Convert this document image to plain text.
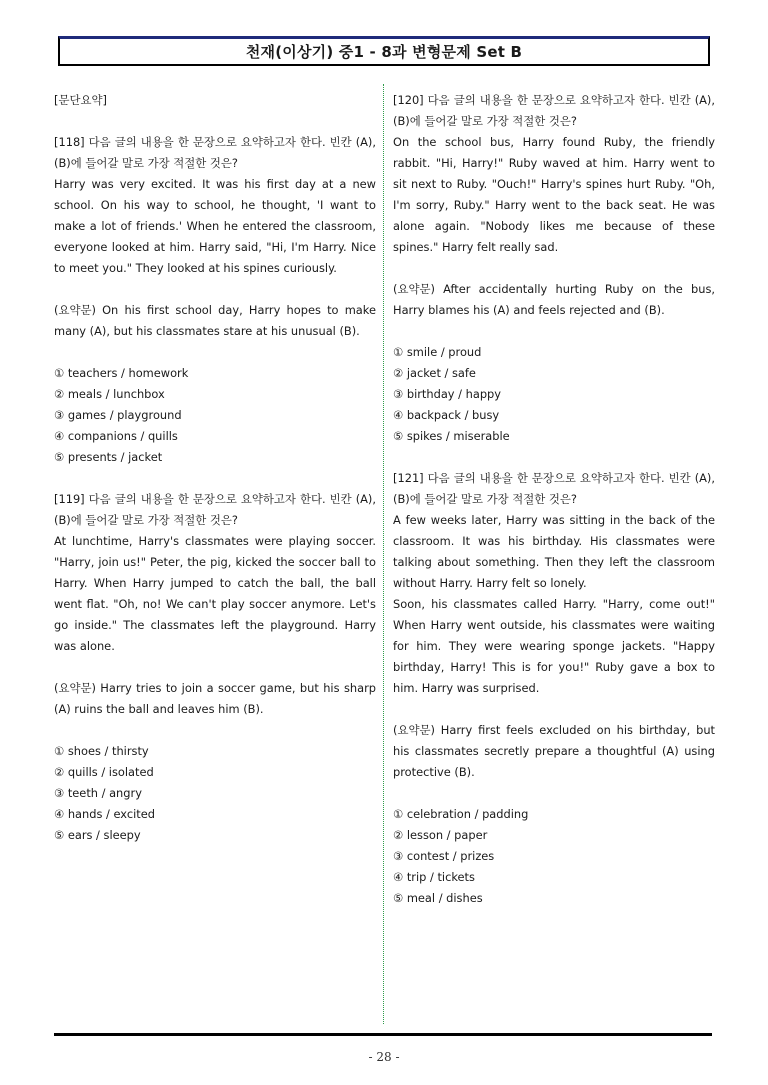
천재(이상기) 중1 - 8과 변형문제 Set B

[문단요약]

[118] 다음 글의 내용을 한 문장으로 요약하고자 한다. 빈칸 (A), (B)에 들어갈 말로 가장 적절한 것은?

Harry was very excited. It was his first day at a new school. On his way to school, he thought, 'I want to make a lot of friends.' When he entered the classroom, everyone looked at him. Harry said, "Hi, I'm Harry. Nice to meet you." They looked at his spines curiously.

(요약문) On his first school day, Harry hopes to make many (A), but his classmates stare at his unusual (B).

① teachers / homework

② meals / lunchbox

③ games / playground

④ companions / quills

⑤ presents / jacket

[119] 다음 글의 내용을 한 문장으로 요약하고자 한다. 빈칸 (A), (B)에 들어갈 말로 가장 적절한 것은?

At lunchtime, Harry's classmates were playing soccer. "Harry, join us!" Peter, the pig, kicked the soccer ball to Harry. When Harry jumped to catch the ball, the ball went flat. "Oh, no! We can't play soccer anymore. Let's go inside." The classmates left the playground. Harry was alone.

(요약문) Harry tries to join a soccer game, but his sharp (A) ruins the ball and leaves him (B).

① shoes / thirsty

② quills / isolated

③ teeth / angry

④ hands / excited

⑤ ears / sleepy

[120] 다음 글의 내용을 한 문장으로 요약하고자 한다. 빈칸 (A), (B)에 들어갈 말로 가장 적절한 것은?

On the school bus, Harry found Ruby, the friendly rabbit. "Hi, Harry!" Ruby waved at him. Harry went to sit next to Ruby. "Ouch!" Harry's spines hurt Ruby. "Oh, I'm sorry, Ruby." Harry went to the back seat. He was alone again. "Nobody likes me because of these spines." Harry felt really sad.

(요약문) After accidentally hurting Ruby on the bus, Harry blames his (A) and feels rejected and (B).

① smile / proud

② jacket / safe

③ birthday / happy

④ backpack / busy

⑤ spikes / miserable

[121] 다음 글의 내용을 한 문장으로 요약하고자 한다. 빈칸 (A), (B)에 들어갈 말로 가장 적절한 것은?

A few weeks later, Harry was sitting in the back of the classroom. It was his birthday. His classmates were talking about something. Then they left the classroom without Harry. Harry felt so lonely.

Soon, his classmates called Harry. "Harry, come out!" When Harry went outside, his classmates were waiting for him. They were wearing sponge jackets. "Happy birthday, Harry! This is for you!" Ruby gave a box to him. Harry was surprised.

(요약문) Harry first feels excluded on his birthday, but his classmates secretly prepare a thoughtful (A) using protective (B).

① celebration / padding

② lesson / paper

③ contest / prizes

④ trip / tickets

⑤ meal / dishes

- 28 -
